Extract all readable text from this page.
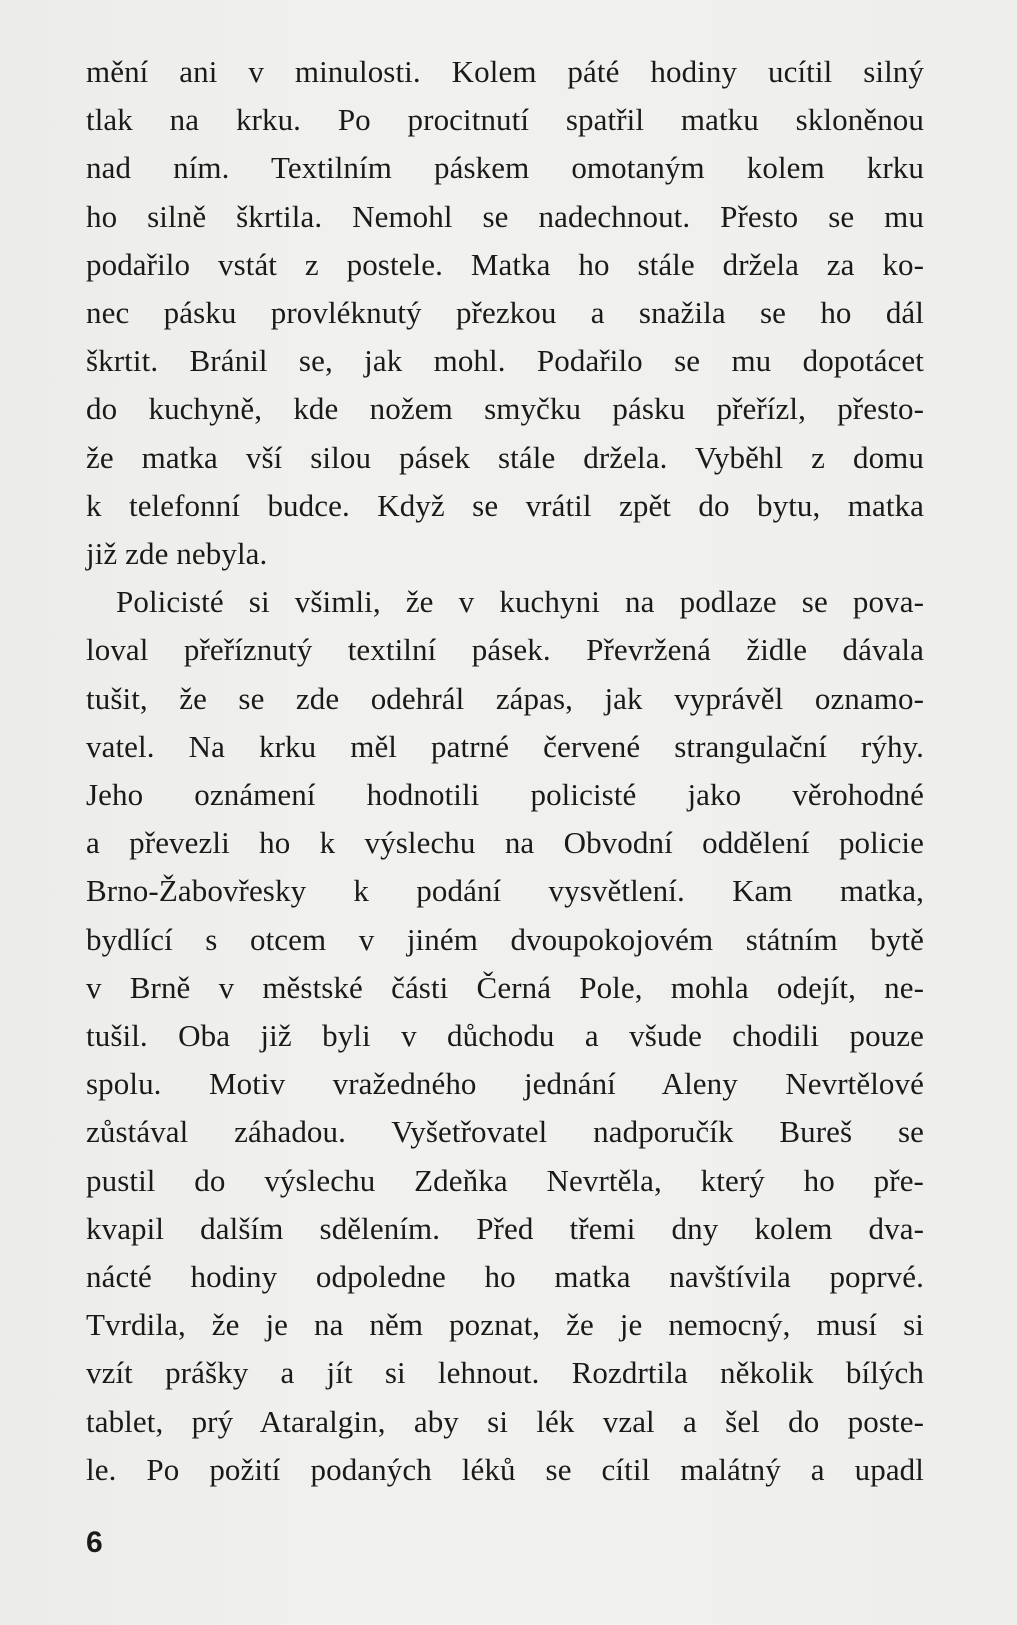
mění ani v minulosti. Kolem páté hodiny ucítil silný
tlak na krku. Po procitnutí spatřil matku skloněnou
nad ním. Textilním páskem omotaným kolem krku
ho silně škrtila. Nemohl se nadechnout. Přesto se mu
podařilo vstát z postele. Matka ho stále držela za ko-
nec pásku provléknutý přezkou a snažila se ho dál
škrtit. Bránil se, jak mohl. Podařilo se mu dopotácet
do kuchyně, kde nožem smyčku pásku přeřízl, přesto-
že matka vší silou pásek stále držela. Vyběhl z domu
k telefonní budce. Když se vrátil zpět do bytu, matka
již zde nebyla.
Policisté si všimli, že v kuchyni na podlaze se pova-
loval přeříznutý textilní pásek. Převržená židle dávala
tušit, že se zde odehrál zápas, jak vyprávěl oznamo-
vatel. Na krku měl patrné červené strangulační rýhy.
Jeho oznámení hodnotili policisté jako věrohodné
a převezli ho k výslechu na Obvodní oddělení policie
Brno-Žabovřesky k podání vysvětlení. Kam matka,
bydlící s otcem v jiném dvoupokojovém státním bytě
v Brně v městské části Černá Pole, mohla odejít, ne-
tušil. Oba již byli v důchodu a všude chodili pouze
spolu. Motiv vražedného jednání Aleny Nevrtělové
zůstával záhadou. Vyšetřovatel nadporučík Bureš se
pustil do výslechu Zdeňka Nevrtěla, který ho pře-
kvapil dalším sdělením. Před třemi dny kolem dva-
nácté hodiny odpoledne ho matka navštívila poprvé.
Tvrdila, že je na něm poznat, že je nemocný, musí si
vzít prášky a jít si lehnout. Rozdrtila několik bílých
tablet, prý Ataralgin, aby si lék vzal a šel do poste-
le. Po požití podaných léků se cítil malátný a upadl
6
